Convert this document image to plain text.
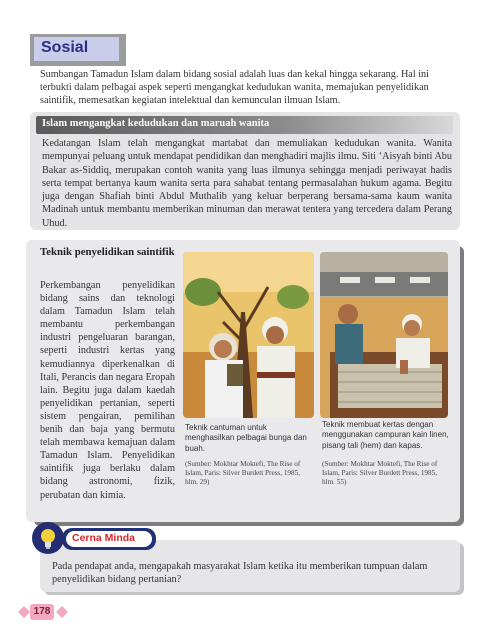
Sosial

Sumbangan Tamadun Islam dalam bidang sosial adalah luas dan kekal hingga sekarang. Hal ini terbukti dalam pelbagai aspek seperti mengangkat kedudukan wanita, memajukan penyelidikan saintifik, memesatkan kegiatan intelektual dan kemunculan ilmuan Islam.

Islam mengangkat kedudukan dan maruah wanita

Kedatangan Islam telah mengangkat martabat dan memuliakan kedudukan wanita. Wanita mempunyai peluang untuk mendapat pendidikan dan menghadiri majlis ilmu. Siti ‘Aisyah binti Abu Bakar as-Siddiq, merupakan contoh wanita yang luas ilmunya sehingga menjadi periwayat hadis serta tempat bertanya kaum wanita serta para sahabat tentang permasalahan hukum agama. Begitu juga dengan Shafiah binti Abdul Muthalib yang keluar berperang bersama-sama kaum wanita Madinah untuk membantu memberikan minuman dan merawat tentera yang tercedera dalam Perang Uhud.

Teknik penyelidikan saintifik

Perkembangan penyelidikan bidang sains dan teknologi dalam Tamadun Islam telah membantu perkembangan industri pengeluaran barangan, seperti industri kertas yang kemudiannya diperkenalkan di Itali, Perancis dan negara Eropah lain. Begitu juga dalam kaedah penyelidikan pertanian, seperti sistem pengairan, pemilihan benih dan baja yang bermutu telah membawa kemajuan dalam Tamadun Islam. Penyelidikan saintifik juga berlaku dalam bidang astronomi, fizik, perubatan dan kimia.

Teknik cantuman untuk menghasilkan pelbagai bunga dan buah.
(Sumber: Mokhtar Moktefi, The Rise of Islam, Paris: Silver Burdett Press, 1985, hlm. 29)
Teknik membuat kertas dengan menggunakan campuran kain linen, pisang tali (hem) dan kapas.
(Sumber: Mokhtar Moktefi, The Rise of Islam, Paris: Silver Burdett Press, 1985, hlm. 55)
Cerna Minda

Pada pendapat anda, mengapakah masyarakat Islam ketika itu memberikan tumpuan dalam penyelidikan bidang pertanian?

178
